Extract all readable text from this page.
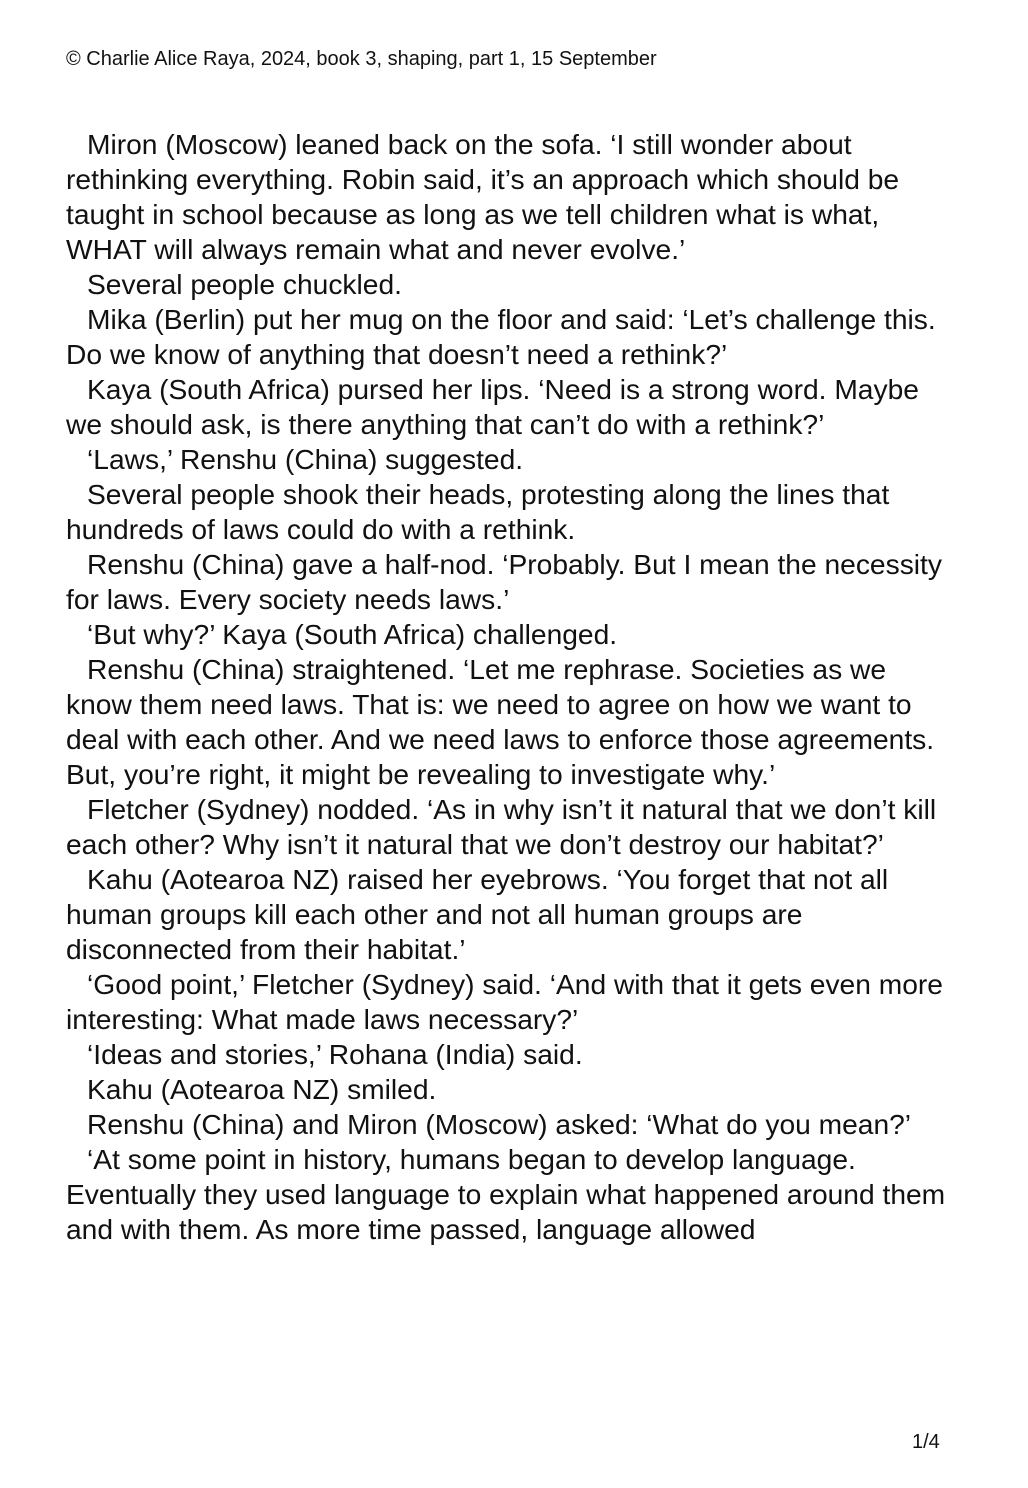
© Charlie Alice Raya, 2024, book 3, shaping, part 1, 15 September

Miron (Moscow) leaned back on the sofa. ‘I still wonder about rethinking everything. Robin said, it’s an approach which should be taught in school because as long as we tell children what is what, WHAT will always remain what and never evolve.’

Several people chuckled.

Mika (Berlin) put her mug on the floor and said: ‘Let’s challenge this. Do we know of anything that doesn’t need a rethink?’

Kaya (South Africa) pursed her lips. ‘Need is a strong word. Maybe we should ask, is there anything that can’t do with a rethink?’

‘Laws,’ Renshu (China) suggested.

Several people shook their heads, protesting along the lines that hundreds of laws could do with a rethink.

Renshu (China) gave a half-nod. ‘Probably. But I mean the necessity for laws. Every society needs laws.’

‘But why?’ Kaya (South Africa) challenged.

Renshu (China) straightened. ‘Let me rephrase. Societies as we know them need laws. That is: we need to agree on how we want to deal with each other. And we need laws to enforce those agreements. But, you’re right, it might be revealing to investigate why.’

Fletcher (Sydney) nodded. ‘As in why isn’t it natural that we don’t kill each other? Why isn’t it natural that we don’t destroy our habitat?’

Kahu (Aotearoa NZ) raised her eyebrows. ‘You forget that not all human groups kill each other and not all human groups are disconnected from their habitat.’

‘Good point,’ Fletcher (Sydney) said. ‘And with that it gets even more interesting: What made laws necessary?’

‘Ideas and stories,’ Rohana (India) said.

Kahu (Aotearoa NZ) smiled.

Renshu (China) and Miron (Moscow) asked: ‘What do you mean?’

‘At some point in history, humans began to develop language. Eventually they used language to explain what happened around them and with them. As more time passed, language allowed

1/4
